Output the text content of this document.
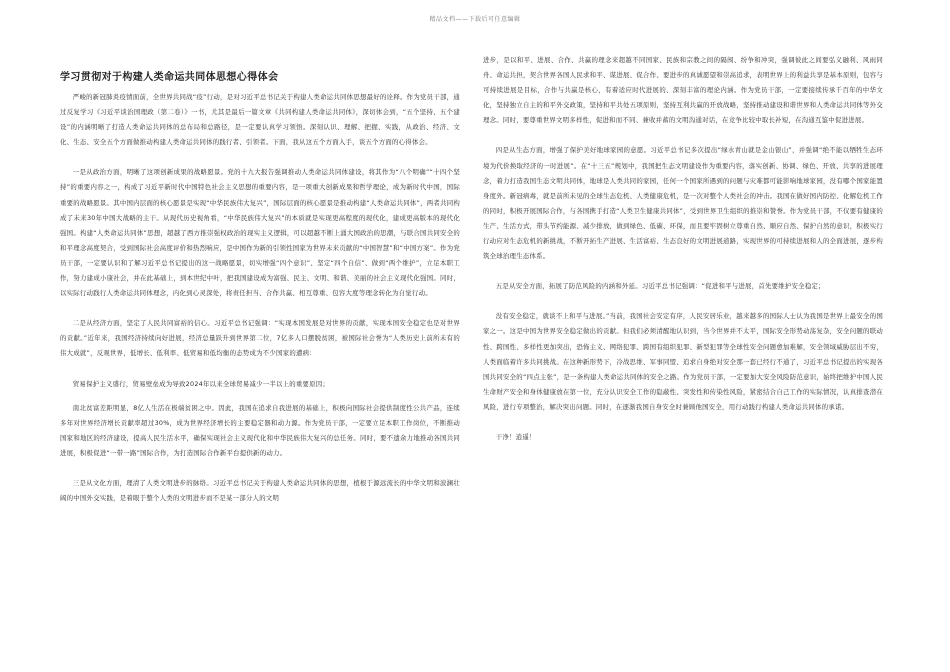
精品文档——下载后可任意编辑
学习贯彻对于构建人类命运共同体思想心得体会

严峻的新冠肺炎疫情面前，全世界共同战“疫”行动，是对习近平总书记关于构建人类命运共同体思想最好的诠释。作为党员干部，通过反复学习《习近平谈治国理政（第二卷）》一书，尤其是最后一篇文章《共同构建人类命运共同体》，深切体会到，“五个坚持、五个建设”的内涵明晰了打造人类命运共同体的总布局和总路径，是一定要认真学习领悟。深刻认识、理解、把握、实践，从政治、经济、文化、生态、安全五个方面做推动构建人类命运共同体的践行者、引领者。下面，我从这五个方面入手，谈五个方面的心得体会。

一是从政治方面，明晰了这项创新成果的战略愿景。党的十九大报告强调推动人类命运共同体建设，将其作为“八个明确”“十四个坚持”的重要内容之一，构成了习近平新时代中国特色社会主义思想的重要内容，是一项重大创新成果和哲学理论，成为新时代中国，国际重要的战略愿景。其中国内层面的核心愿景是实现“中华民族伟大复兴”，国际层面的核心愿景是推动构建“人类命运共同体”，两者共同构成了未来30年中国大战略的主干。从现代历史视角看，“中华民族伟大复兴”的本质就是实现更高程度的现代化，建成更高版本的现代化强国。构建“人类命运共同体”思想，超越了西方推崇强权政治的现实主义逻辑，可以超越不断上涌大国政治的思潮，与联合国共同安全的和平理念高度契合，受到国际社会高度评价和热烈响应，是中国作为新的引领性国家为世界未来贡献的“中国智慧”和“中国方案”。作为党员干部，一定要认识和了解习近平总书记提出的这一战略愿景，切实增强“四个意识”、坚定“四个自信”、做到“两个维护”，立足本职工作，努力建成小康社会，并在此基础上，到本世纪中叶，把我国建设成为富强、民主、文明、和谐、美丽的社会主义现代化强国。同时，以实际行动践行人类命运共同体理念，内化到心灵深处，将责任担当、合作共赢、相互尊重、包容大度等理念转化为自觉行动。

二是从经济方面，坚定了人民共同富裕的信心。习近平总书记强调：“实现本国发展是对世界的贡献，实现本国安全稳定也是对世界的贡献。”近年来，我国经济持续向好进展，经济总量跃升到世界第二位，7亿多人口摆脱贫困，被国际社会誉为“人类历史上前所未有的伟大成就”，反观世界，低增长、低利率、低贸易和低均衡的态势成为不少国家的遭病：

贸易保护主义盛行，贸易壁垒成为导致2024年以来全球贸易减少一半以上的重要原因；

南北贫富差距明显，8亿人生活在极端贫困之中。因此，我国在追求自我进展的基础上，积极向国际社会提供制度性公共产品，连续多年对世界经济增长贡献率超过30%，成为世界经济增长的主要稳定器和动力源。作为党员干部，一定要立足本职工作岗位，不断推动国家和地区的经济建设，提高人民生活水平，确保实现社会主义现代化和中华民族伟大复兴的总任务。同时，要不遗余力地推动各国共同进展，积极促进“一带一路”国际合作，为打造国际合作新平台提供新的动力。

三是从文化方面，理清了人类文明进步的脉络。习近平总书记关于构建人类命运共同体的思想，植根于源远流长的中华文明和波澜壮阔的中国外交实践，是着眼于整个人类的文明进步而不是某一部分人的文明

进步，是以和平、进展、合作、共赢的理念来超越不同国家、民族和宗教之间的隔阂、纷争和冲突，强调彼此之间要弘义融利、风雨同舟、命运共担，契合世界各国人民求和平、谋进展、促合作、要进步的真诚愿望和崇高追求，表明世界上的利益共享是基本原则，包容与可持续进展是目标，合作与共赢是核心，有着适应时代进展的、深刻丰富的理论内涵。作为党员干部，一定要接续传承千百年的中华文化，坚持独立自主的和平外交政策，坚持和平共处五项原则，坚持互利共赢的开放战略，坚持推动建设和谐世界和人类命运共同体等外交理念。同时，要尊重世界文明多样性，促进和而不同、兼收并蓄的文明沟通对话，在竞争比较中取长补短，在沟通互鉴中促进进展。

四是从生态方面，增强了保护美好地球家园的意愿。习近平总书记多次提出“绿水青山就是金山银山”，并强调“绝不能以牺牲生态环境为代价换取经济的一时进展”。在“十三五”规划中，我国把生态文明建设作为重要内容，落实创新、协调、绿色、开放、共享的进展理念，着力打造我国生态文明共同体，地球是人类共同的家园，任何一个国家所遇到的问题与灾难都可能影响地球家园，没有哪个国家能置身度外。新冠病毒，就是前所未见的全球生态危机、人类健康危机，是一次对整个人类社会的冲击。我国在做好国内防控、化解危机工作的同时，积极开展国际合作，与各国携手打造“人类卫生健康共同体”，受到世界卫生组织的推崇和赞誉。作为党员干部，不仅要有健康的生产、生活方式，带头节约能源、减少排放，做到绿色、低碳、环保，而且要牢固树立尊重自然、顺应自然、保护自然的意识，积极实行行动应对生态危机的新挑战，不断开拓生产进展、生活富裕、生态良好的文明进展道路，实现世界的可持续进展和人的全面进展，逐步构筑全球治理生态体系。

五是从安全方面，拓展了防范风险的内涵和外延。习近平总书记强调：“促进和平与进展，首先要维护安全稳定；

没有安全稳定，就谈不上和平与进展。”当前，我国社会安定有序，人民安居乐业，越来越多的国际人士认为我国是世界上最安全的国家之一。这是中国为世界安全稳定做出的贡献。但我们必须清醒地认识到，当今世界并不太平，国际安全形势动荡复杂，安全问题的联动性、跨国性、多样性更加突出，恐怖主义、网络犯罪、跨国有组织犯罪、新型犯罪等全球性安全问题愈加难解，安全领域威胁层出不穷，人类面临着许多共同挑战。在这种新形势下，冷战思维、军事同盟、追求自身绝对安全那一套已经行不通了，习近平总书记提出的实现各国共同安全的“四点主张”，是一条构建人类命运共同体的安全之路。作为党员干部，一定要加大安全风险防范意识，始终把维护中国人民生命财产安全和身体健康放在第一位，充分认识安全工作的隐蔽性、突发性和传染性风险，紧密结合自己工作的实际情况，认真排查潜在风险，进行专项整治，解决突出问题。同时，在逐渐我国自身安全时兼顾他国安全，用行动践行构建人类命运共同体的承诺。

干净！逍遥！
